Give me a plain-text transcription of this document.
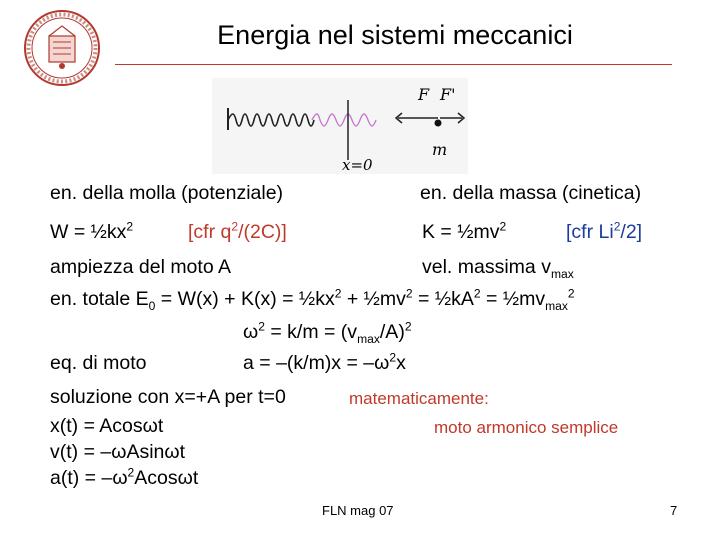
Energia nel sistemi meccanici
F F'
x=0
m
en. della molla (potenziale)	en. della massa (cinetica)
$W = \frac{1}{2}kx^2$	[cfr $q^2/(2C)$]	$K = \frac{1}{2}mv^2$	[cfr Li$^2$/2]
ampiezza del moto A	vel. massima $v_{max}$
en. totale $E_0 = W(x) + K(x)$ = $\frac{1}{2}kx^2$ + $\frac{1}{2}mv^2$ = $\frac{1}{2}kA^2$ = $\frac{1}{2}mv_{max}^2$
$\omega^2 = k/m = (v_{max}/A)^2$
eq. di moto	$a = -(k/m)x = -\omega^2x$
soluzione con x=+A per t=0	matematicamente:
x(t) = Acosωt	moto armonico semplice
v(t) = –ωAsinωt
$a(t) = -\omega^2Acos\omega t$
FLN mag 07	7
